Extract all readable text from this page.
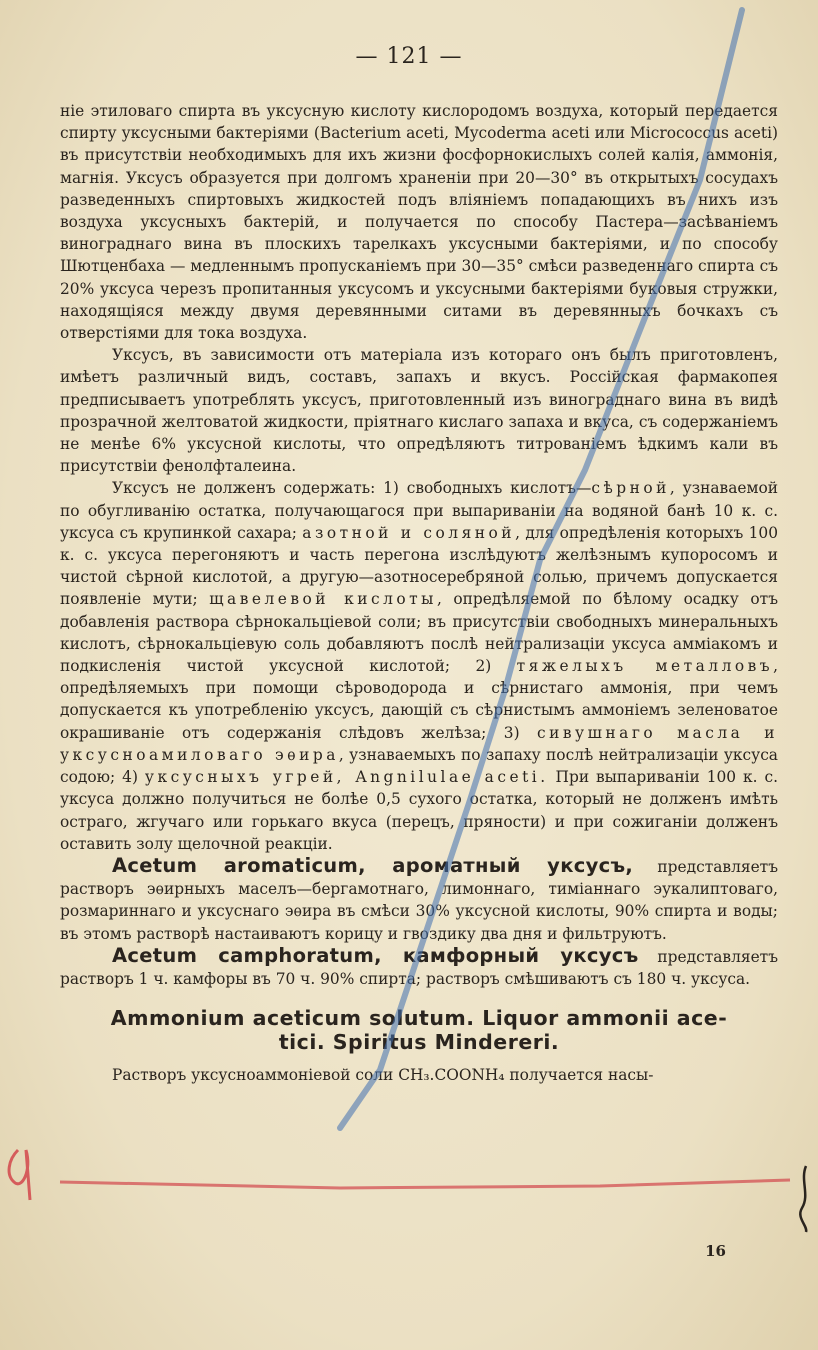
— 121 —

ніе этиловаго спирта въ уксусную кислоту кислородомъ воздуха, который передается спирту уксусными бактеріями (Bacterium aceti, Mycoderma aceti или Micrococcus aceti) въ присутствіи необходимыхъ для ихъ жизни фосфорнокислыхъ солей калія, аммонія, магнія. Уксусъ образуется при долгомъ храненіи при 20—30° въ открытыхъ сосудахъ разведенныхъ спиртовыхъ жидкостей подъ вліяніемъ попадающихъ въ нихъ изъ воздуха уксусныхъ бактерій, и получается по способу Пастера—засѣваніемъ винограднаго вина въ плоскихъ тарелкахъ уксусными бактеріями, и по способу Шютценбаха — медленнымъ пропусканіемъ при 30—35° смѣси разведеннаго спирта съ 20% уксуса черезъ пропитанныя уксусомъ и уксусными бактеріями буковыя стружки, находящіяся между двумя деревянными ситами въ деревянныхъ бочкахъ съ отверстіями для тока воздуха.

Уксусъ, въ зависимости отъ матеріала изъ котораго онъ былъ приготовленъ, имѣетъ различный видъ, составъ, запахъ и вкусъ. Россійская фармакопея предписываетъ употреблять уксусъ, приготовленный изъ винограднаго вина въ видѣ прозрачной желтоватой жидкости, пріятнаго кислаго запаха и вкуса, съ содержаніемъ не менѣе 6% уксусной кислоты, что опредѣляютъ титрованіемъ ѣдкимъ кали въ присутствіи фенолфталеина.

Уксусъ не долженъ содержать: 1) свободныхъ кислотъ—сѣрной, узнаваемой по обугливанію остатка, получающагося при выпариваніи на водяной банѣ 10 к. с. уксуса съ крупинкой сахара; азотной и соляной, для опредѣленія которыхъ 100 к. с. уксуса перегоняютъ и часть перегона изслѣдуютъ желѣзнымъ купоросомъ и чистой сѣрной кислотой, а другую—азотносеребряной солью, причемъ допускается появленіе мути; щавелевой кислоты, опредѣляемой по бѣлому осадку отъ добавленія раствора сѣрнокальціевой соли; въ присутствіи свободныхъ минеральныхъ кислотъ, сѣрнокальціевую соль добавляютъ послѣ нейтрализаціи уксуса амміакомъ и подкисленія чистой уксусной кислотой; 2) тяжелыхъ металловъ, опредѣляемыхъ при помощи сѣроводорода и сѣрнистаго аммонія, при чемъ допускается къ употребленію уксусъ, дающій съ сѣрнистымъ аммоніемъ зеленоватое окрашиваніе отъ содержанія слѣдовъ желѣза; 3) сивушнаго масла и уксусноамиловаго эѳира, узнаваемыхъ по запаху послѣ нейтрализаціи уксуса содою; 4) уксусныхъ угрей, Angnilulae aceti. При выпариваніи 100 к. с. уксуса должно получиться не болѣе 0,5 сухого остатка, который не долженъ имѣть остраго, жгучаго или горькаго вкуса (перецъ, пряности) и при сожиганіи долженъ оставить золу щелочной реакціи.

Acetum aromaticum, ароматный уксусъ, представляетъ растворъ эѳирныхъ маселъ—бергамотнаго, лимоннаго, тиміаннаго эукалиптоваго, розмариннаго и уксуснаго эѳира въ смѣси 30% уксусной кислоты, 90% спирта и воды; въ этомъ растворѣ настаиваютъ корицу и гвоздику два дня и фильтруютъ.

Acetum camphoratum, камфорный уксусъ представляетъ растворъ 1 ч. камфоры въ 70 ч. 90% спирта; растворъ смѣшиваютъ съ 180 ч. уксуса.

Ammonium aceticum solutum. Liquor ammonii ace-
tici. Spiritus Mindereri.

Растворъ уксусноаммоніевой соли CH₃.COONH₄ получается насы-

16
